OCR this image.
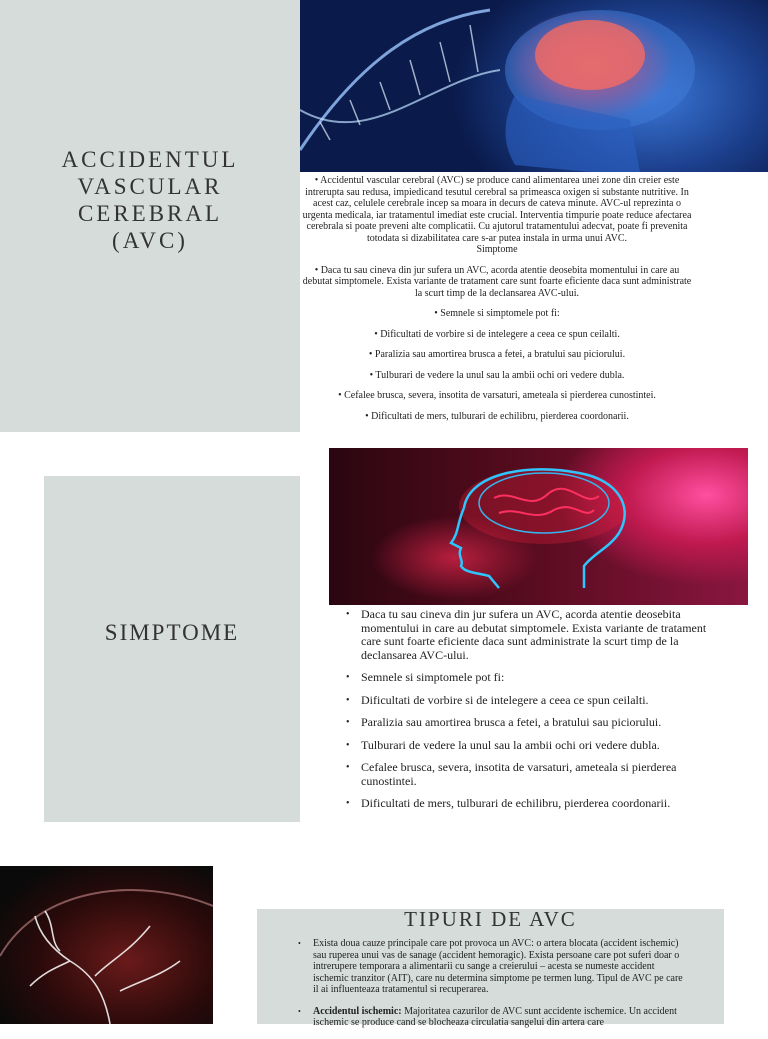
ACCIDENTUL
VASCULAR
CEREBRAL
(AVC)

• Accidentul vascular cerebral (AVC) se produce cand alimentarea unei zone din creier este intrerupta sau redusa, impiedicand tesutul cerebral sa primeasca oxigen si substante nutritive. In acest caz, celulele cerebrale incep sa moara in decurs de cateva minute. AVC-ul reprezinta o urgenta medicala, iar tratamentul imediat este crucial. Interventia timpurie poate reduce afectarea cerebrala si poate preveni alte complicatii. Cu ajutorul tratamentului adecvat, poate fi prevenita totodata si dizabilitatea care s-ar putea instala in urma unui AVC.

Simptome

• Daca tu sau cineva din jur sufera un AVC, acorda atentie deosebita momentului in care au debutat simptomele. Exista variante de tratament care sunt foarte eficiente daca sunt administrate la scurt timp de la declansarea AVC-ului.

• Semnele si simptomele pot fi:

• Dificultati de vorbire si de intelegere a ceea ce spun ceilalti.

• Paralizia sau amortirea brusca a fetei, a bratului sau piciorului.

• Tulburari de vedere la unul sau la ambii ochi ori vedere dubla.

• Cefalee brusca, severa, insotita de varsaturi, ameteala si pierderea cunostintei.

• Dificultati de mers, tulburari de echilibru, pierderea coordonarii.

SIMPTOME
• Daca tu sau cineva din jur sufera un AVC, acorda atentie deosebita momentului in care au debutat simptomele. Exista variante de tratament care sunt foarte eficiente daca sunt administrate la scurt timp de la declansarea AVC-ului.
• Semnele si simptomele pot fi:
• Dificultati de vorbire si de intelegere a ceea ce spun ceilalti.
• Paralizia sau amortirea brusca a fetei, a bratului sau piciorului.
• Tulburari de vedere la unul sau la ambii ochi ori vedere dubla.
• Cefalee brusca, severa, insotita de varsaturi, ameteala si pierderea cunostintei.
• Dificultati de mers, tulburari de echilibru, pierderea coordonarii.
TIPURI DE AVC

• Exista doua cauze principale care pot provoca un AVC: o artera blocata (accident ischemic) sau ruperea unui vas de sanage (accident hemoragic). Exista persoane care pot suferi doar o intrerupere temporara a alimentarii cu sange a creierului – acesta se numeste accident ischemic tranzitor (AIT), care nu determina simptome pe termen lung. Tipul de AVC pe care il ai influenteaza tratamentul si recuperarea.

• Accidentul ischemic: Majoritatea cazurilor de AVC sunt accidente ischemice. Un accident ischemic se produce cand se blocheaza circulatia sangelui din artera care
